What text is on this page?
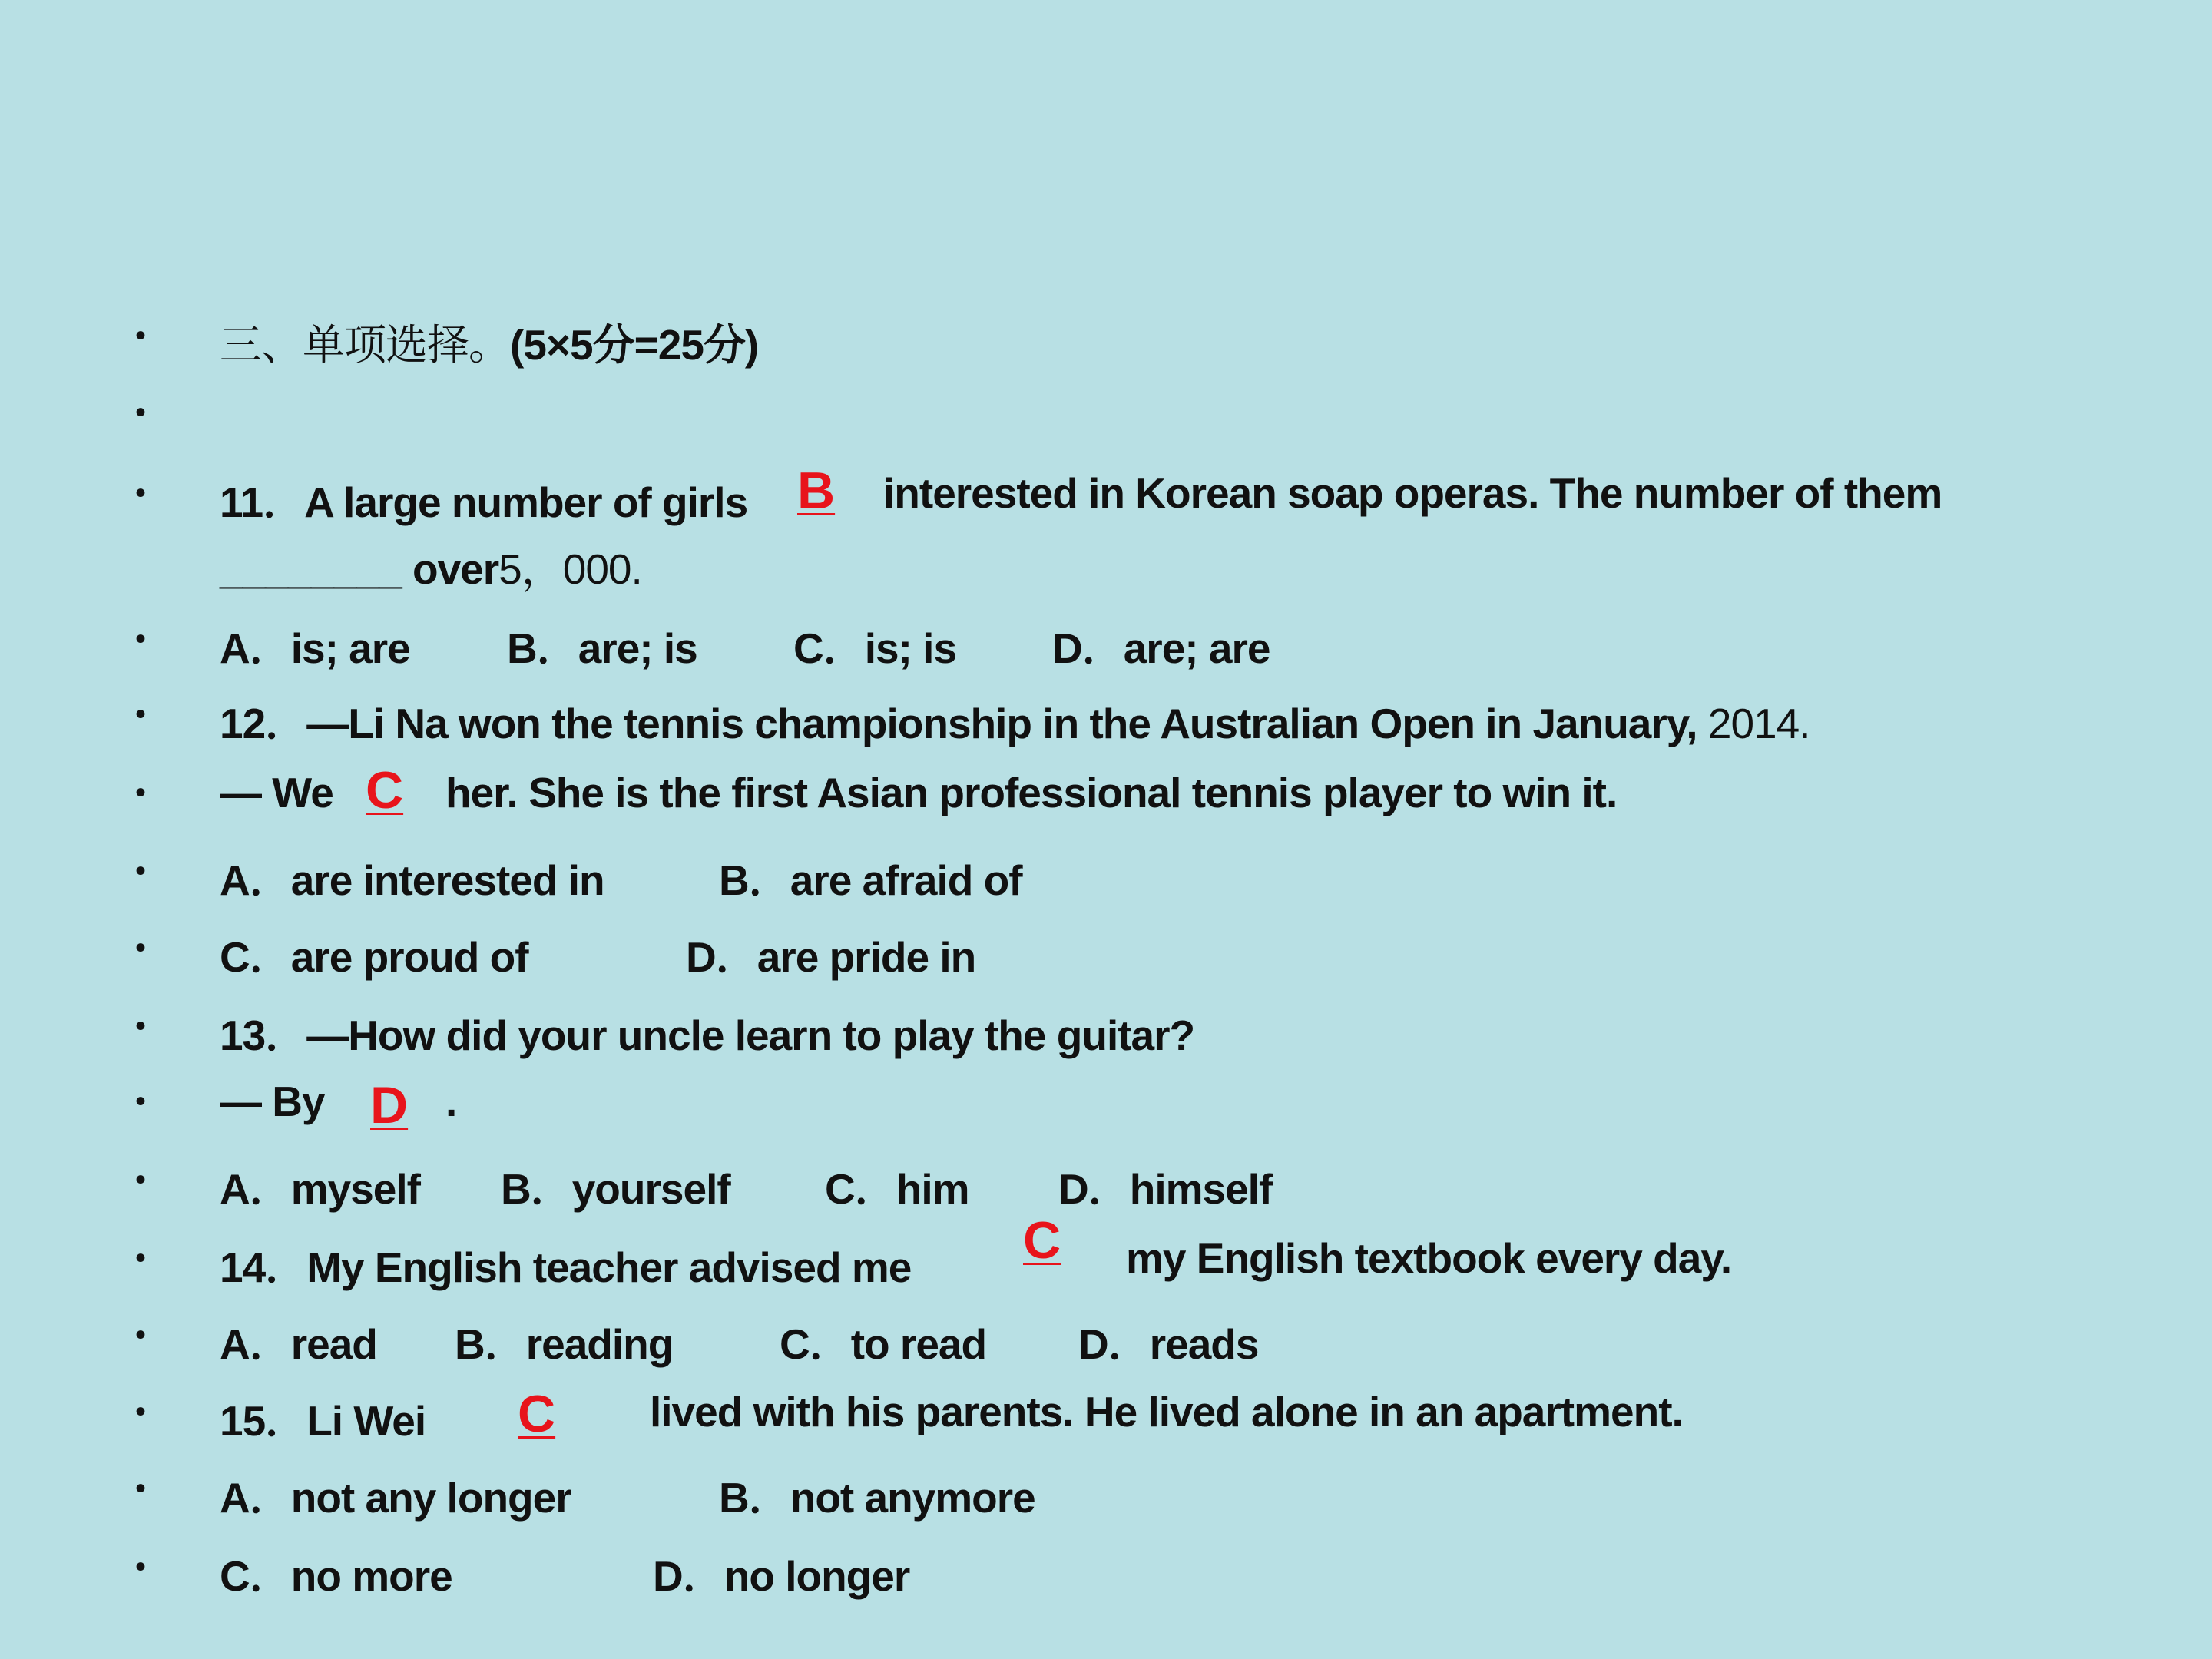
• 三、单项选择。(5×5分=25分)
•
• 11．A large number of girls B interested in Korean soap operas. The number of them
________ over5，000.
• A．is; are B．are; is C．is; is D．are; are
• 12．—Li Na won the tennis championship in the Australian Open in January, 2014.
• — We C her. She is the first Asian professional tennis player to win it.
• A．are interested in	B．are afraid of
• C．are proud of	D．are pride in
• 13．—How did your uncle learn to play the guitar?
• — By D .
• A．myself B．yourself C．him D．himself
• 14．My English teacher advised me C my English textbook every day.
• A．read B．reading	C．to read D．reads
• 15．Li Wei C lived with his parents. He lived alone in an apartment.
• A．not any longer	B．not anymore
• C．no more	D．no longer
